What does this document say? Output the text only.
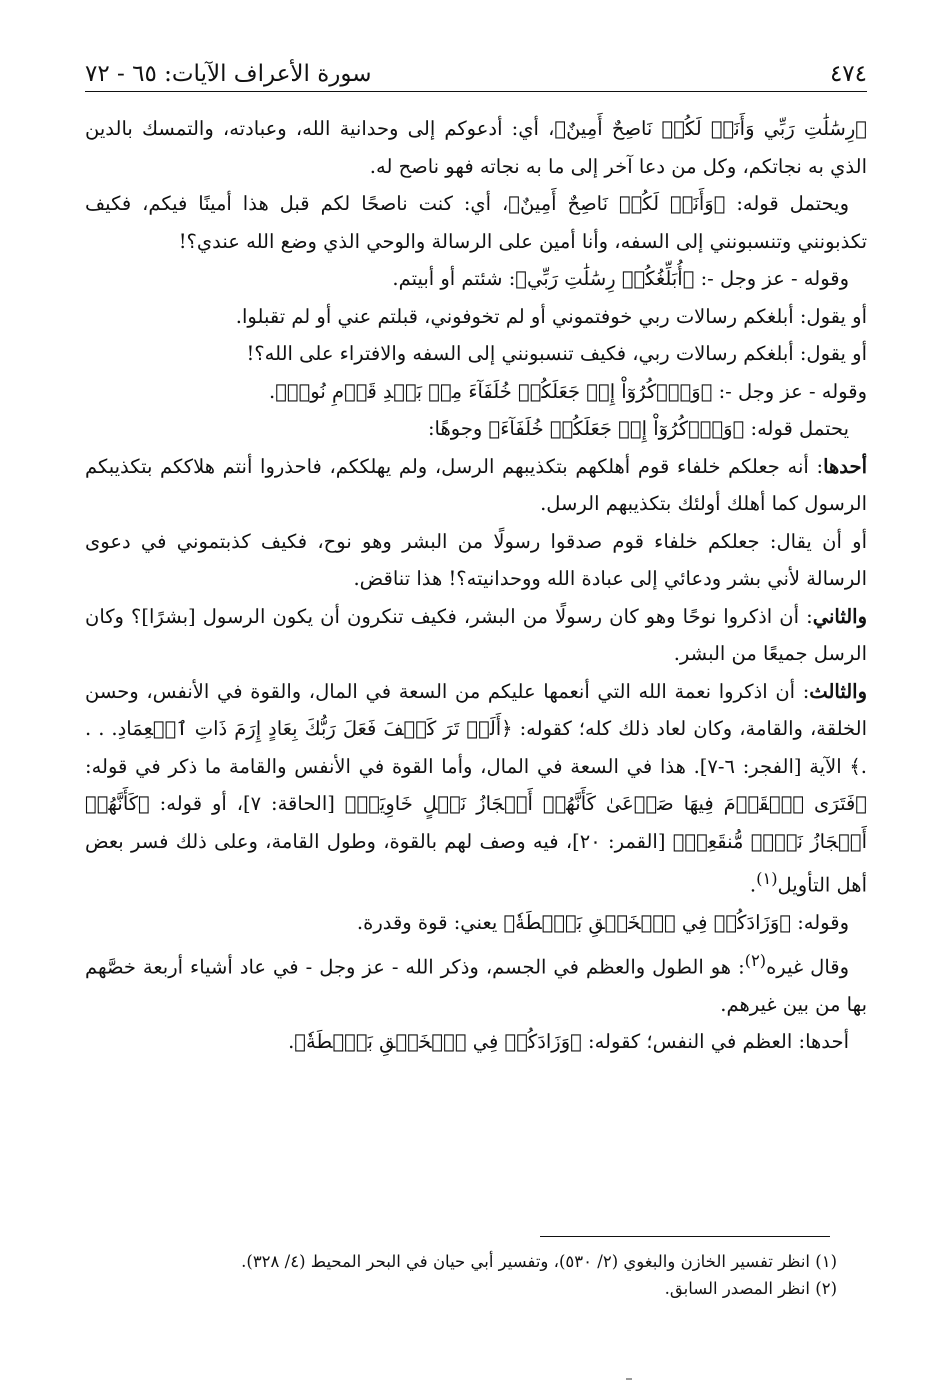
٤٧٤
سورة الأعراف الآيات: ٦٥ - ٧٢

﴿رِسَٰلَٰتِ رَبِّي وَأَنَا۠ لَكُمۡ نَاصِحٌ أَمِينٌ﴾، أي: أدعوكم إلى وحدانية الله، وعبادته، والتمسك بالدين الذي به نجاتكم، وكل من دعا آخر إلى ما به نجاته فهو ناصح له.

ويحتمل قوله: ﴿وَأَنَا۠ لَكُمۡ نَاصِحٌ أَمِينٌ﴾، أي: كنت ناصحًا لكم قبل هذا أمينًا فيكم، فكيف تكذبونني وتنسبونني إلى السفه، وأنا أمين على الرسالة والوحي الذي وضع الله عندي؟!

وقوله - عز وجل -: ﴿أُبَلِّغُكُمۡ رِسَٰلَٰتِ رَبِّي﴾: شئتم أو أبيتم.

أو يقول: أبلغكم رسالات ربي خوفتموني أو لم تخوفوني، قبلتم عني أو لم تقبلوا.

أو يقول: أبلغكم رسالات ربي، فكيف تنسبونني إلى السفه والافتراء على الله؟!

وقوله - عز وجل -: ﴿وَٱذۡكُرُوٓاْ إِذۡ جَعَلَكُمۡ خُلَفَآءَ مِنۢ بَعۡدِ قَوۡمِ نُوحٖ﴾.

يحتمل قوله: ﴿وَٱذۡكُرُوٓاْ إِذۡ جَعَلَكُمۡ خُلَفَآءَ﴾ وجوهًا:

أحدها: أنه جعلكم خلفاء قوم أهلكهم بتكذيبهم الرسل، ولم يهلككم، فاحذروا أنتم هلاككم بتكذيبكم الرسول كما أهلك أولئك بتكذيبهم الرسل.

أو أن يقال: جعلكم خلفاء قوم صدقوا رسولًا من البشر وهو نوح، فكيف كذبتموني في دعوى الرسالة لأني بشر ودعائي إلى عبادة الله ووحدانيته؟! هذا تناقض.

والثاني: أن اذكروا نوحًا وهو كان رسولًا من البشر، فكيف تنكرون أن يكون الرسول [بشرًا]؟ وكان الرسل جميعًا من البشر.

والثالث: أن اذكروا نعمة الله التي أنعمها عليكم من السعة في المال، والقوة في الأنفس، وحسن الخلقة، والقامة، وكان لعاد ذلك كله؛ كقوله: ﴿أَلَمۡ تَرَ كَيۡفَ فَعَلَ رَبُّكَ بِعَادٍ إِرَمَ ذَاتِ ٱلۡعِمَادِ. . . .﴾ الآية [الفجر: ٦-٧]. هذا في السعة في المال، وأما القوة في الأنفس والقامة ما ذكر في قوله: ﴿فَتَرَى ٱلۡقَوۡمَ فِيهَا صَرۡعَىٰ كَأَنَّهُمۡ أَعۡجَازُ نَخۡلٍ خَاوِيَةٖ﴾ [الحاقة: ٧]، أو قوله: ﴿كَأَنَّهُمۡ أَعۡجَازُ نَخۡلٖ مُّنقَعِرٖ﴾ [القمر: ٢٠]، فيه وصف لهم بالقوة، وطول القامة، وعلى ذلك فسر بعض أهل التأويل$^{(١)}$.

وقوله: ﴿وَزَادَكُمۡ فِي ٱلۡخَلۡقِ بَصۜۡطَةٗ﴾ يعني: قوة وقدرة.

وقال غيره$^{(٢)}$: هو الطول والعظم في الجسم، وذكر الله - عز وجل - في عاد أشياء أربعة خصَّهم بها من بين غيرهم.

أحدها: العظم في النفس؛ كقوله: ﴿وَزَادَكُمۡ فِي ٱلۡخَلۡقِ بَصۜۡطَةٗ﴾.

(١) انظر تفسير الخازن والبغوي (٢/ ٥٣٠)، وتفسير أبي حيان في البحر المحيط (٤/ ٣٢٨).

(٢) انظر المصدر السابق.
